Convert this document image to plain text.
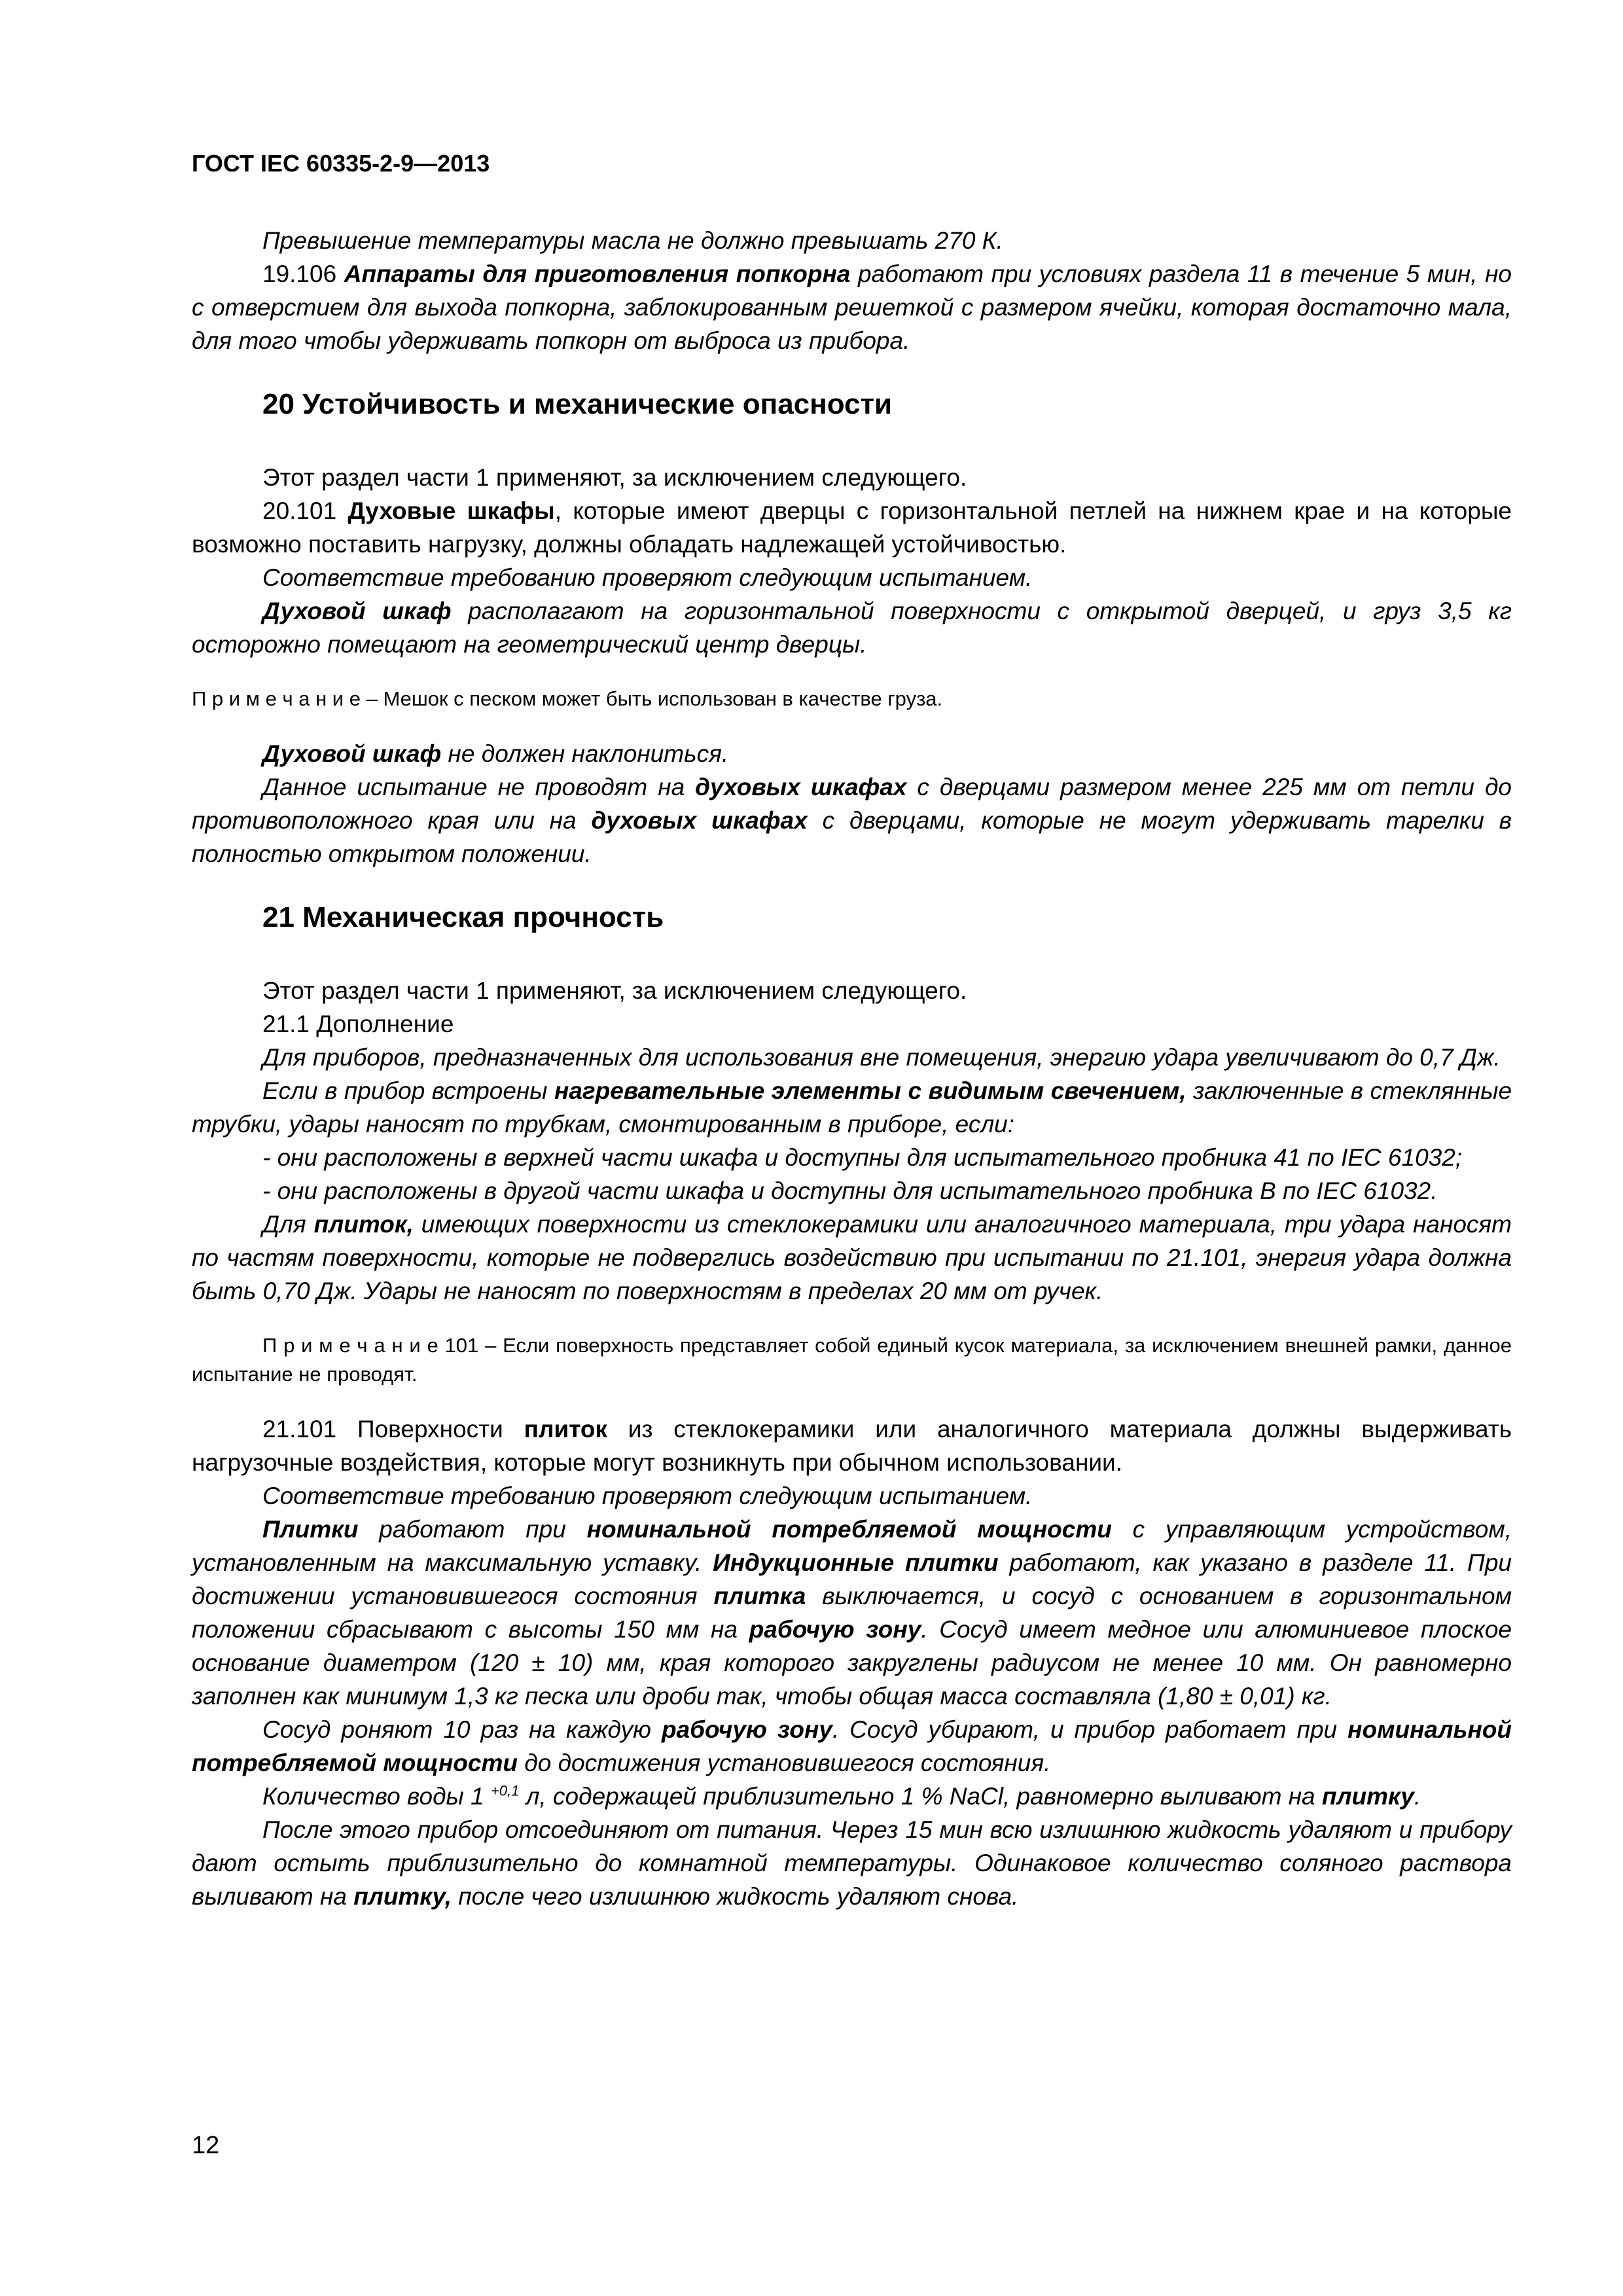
ГОСТ IEC 60335-2-9—2013

Превышение температуры масла не должно превышать 270 К.

19.106 Аппараты для приготовления попкорна работают при условиях раздела 11 в течение 5 мин, но с отверстием для выхода попкорна, заблокированным решеткой с размером ячейки, которая достаточно мала, для того чтобы удерживать попкорн от выброса из прибора.

20 Устойчивость и механические опасности

Этот раздел части 1 применяют, за исключением следующего.

20.101 Духовые шкафы, которые имеют дверцы с горизонтальной петлей на нижнем крае и на которые возможно поставить нагрузку, должны обладать надлежащей устойчивостью.

Соответствие требованию проверяют следующим испытанием.

Духовой шкаф располагают на горизонтальной поверхности с открытой дверцей, и груз 3,5 кг осторожно помещают на геометрический центр дверцы.

П р и м е ч а н и е – Мешок с песком может быть использован в качестве груза.

Духовой шкаф не должен наклониться.

Данное испытание не проводят на духовых шкафах с дверцами размером менее 225 мм от петли до противоположного края или на духовых шкафах с дверцами, которые не могут удерживать тарелки в полностью открытом положении.

21 Механическая прочность

Этот раздел части 1 применяют, за исключением следующего.

21.1 Дополнение

Для приборов, предназначенных для использования вне помещения, энергию удара увеличивают до 0,7 Дж.

Если в прибор встроены нагревательные элементы с видимым свечением, заключенные в стеклянные трубки, удары наносят по трубкам, смонтированным в приборе, если:

- они расположены в верхней части шкафа и доступны для испытательного пробника 41 по IEC 61032;

- они расположены в другой части шкафа и доступны для испытательного пробника В по IEC 61032.

Для плиток, имеющих поверхности из стеклокерамики или аналогичного материала, три удара наносят по частям поверхности, которые не подверглись воздействию при испытании по 21.101, энергия удара должна быть 0,70 Дж. Удары не наносят по поверхностям в пределах 20 мм от ручек.

П р и м е ч а н и е 101 – Если поверхность представляет собой единый кусок материала, за исключением внешней рамки, данное испытание не проводят.

21.101 Поверхности плиток из стеклокерамики или аналогичного материала должны выдерживать нагрузочные воздействия, которые могут возникнуть при обычном использовании.

Соответствие требованию проверяют следующим испытанием.

Плитки работают при номинальной потребляемой мощности с управляющим устройством, установленным на максимальную уставку. Индукционные плитки работают, как указано в разделе 11. При достижении установившегося состояния плитка выключается, и сосуд с основанием в горизонтальном положении сбрасывают с высоты 150 мм на рабочую зону. Сосуд имеет медное или алюминиевое плоское основание диаметром (120 ± 10) мм, края которого закруглены радиусом не менее 10 мм. Он равномерно заполнен как минимум 1,3 кг песка или дроби так, чтобы общая масса составляла (1,80 ± 0,01) кг.

Сосуд роняют 10 раз на каждую рабочую зону. Сосуд убирают, и прибор работает при номинальной потребляемой мощности до достижения установившегося состояния.

Количество воды 1 $^{+0,1}$ л, содержащей приблизительно 1 % NaCl, равномерно выливают на плитку.

После этого прибор отсоединяют от питания. Через 15 мин всю излишнюю жидкость удаляют и прибору дают остыть приблизительно до комнатной температуры. Одинаковое количество соляного раствора выливают на плитку, после чего излишнюю жидкость удаляют снова.

12
